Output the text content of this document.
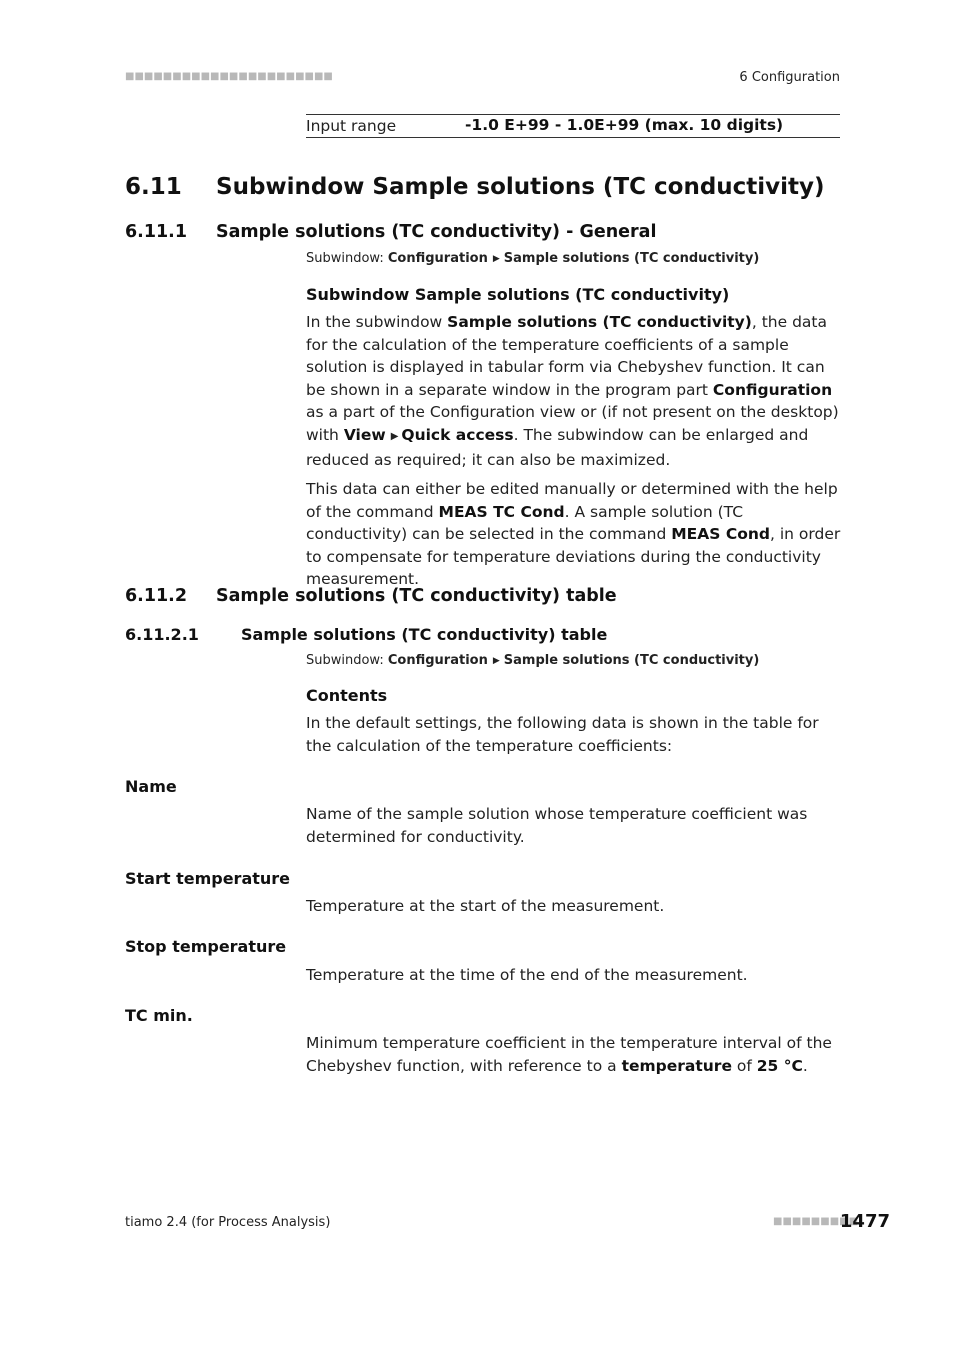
■■■■■■■■■■■■■■■■■■■■■■	6 Configuration
Input range	-1.0 E+99 - 1.0E+99 (max. 10 digits)
6.11 Subwindow Sample solutions (TC conductivity)
6.11.1 Sample solutions (TC conductivity) - General
Subwindow: Configuration ▶ Sample solutions (TC conductivity)
Subwindow Sample solutions (TC conductivity)

In the subwindow Sample solutions (TC conductivity), the data for the calculation of the temperature coefficients of a sample solution is displayed in tabular form via Chebyshev function. It can be shown in a separate window in the program part Configuration as a part of the Configuration view or (if not present on the desktop) with View ▶ Quick access. The subwindow can be enlarged and reduced as required; it can also be maximized.

This data can either be edited manually or determined with the help of the command MEAS TC Cond. A sample solution (TC conductivity) can be selected in the command MEAS Cond, in order to compensate for temperature deviations during the conductivity measurement.

6.11.2 Sample solutions (TC conductivity) table
6.11.2.1	Sample solutions (TC conductivity) table
Subwindow: Configuration ▶ Sample solutions (TC conductivity)
Contents

In the default settings, the following data is shown in the table for the calculation of the temperature coefficients:

Name

Name of the sample solution whose temperature coefficient was determined for conductivity.

Start temperature

Temperature at the start of the measurement.

Stop temperature

Temperature at the time of the end of the measurement.

TC min.

Minimum temperature coefficient in the temperature interval of the Chebyshev function, with reference to a temperature of 25 °C.

tiamo 2.4 (for Process Analysis)	■■■■■■■■■
1477
